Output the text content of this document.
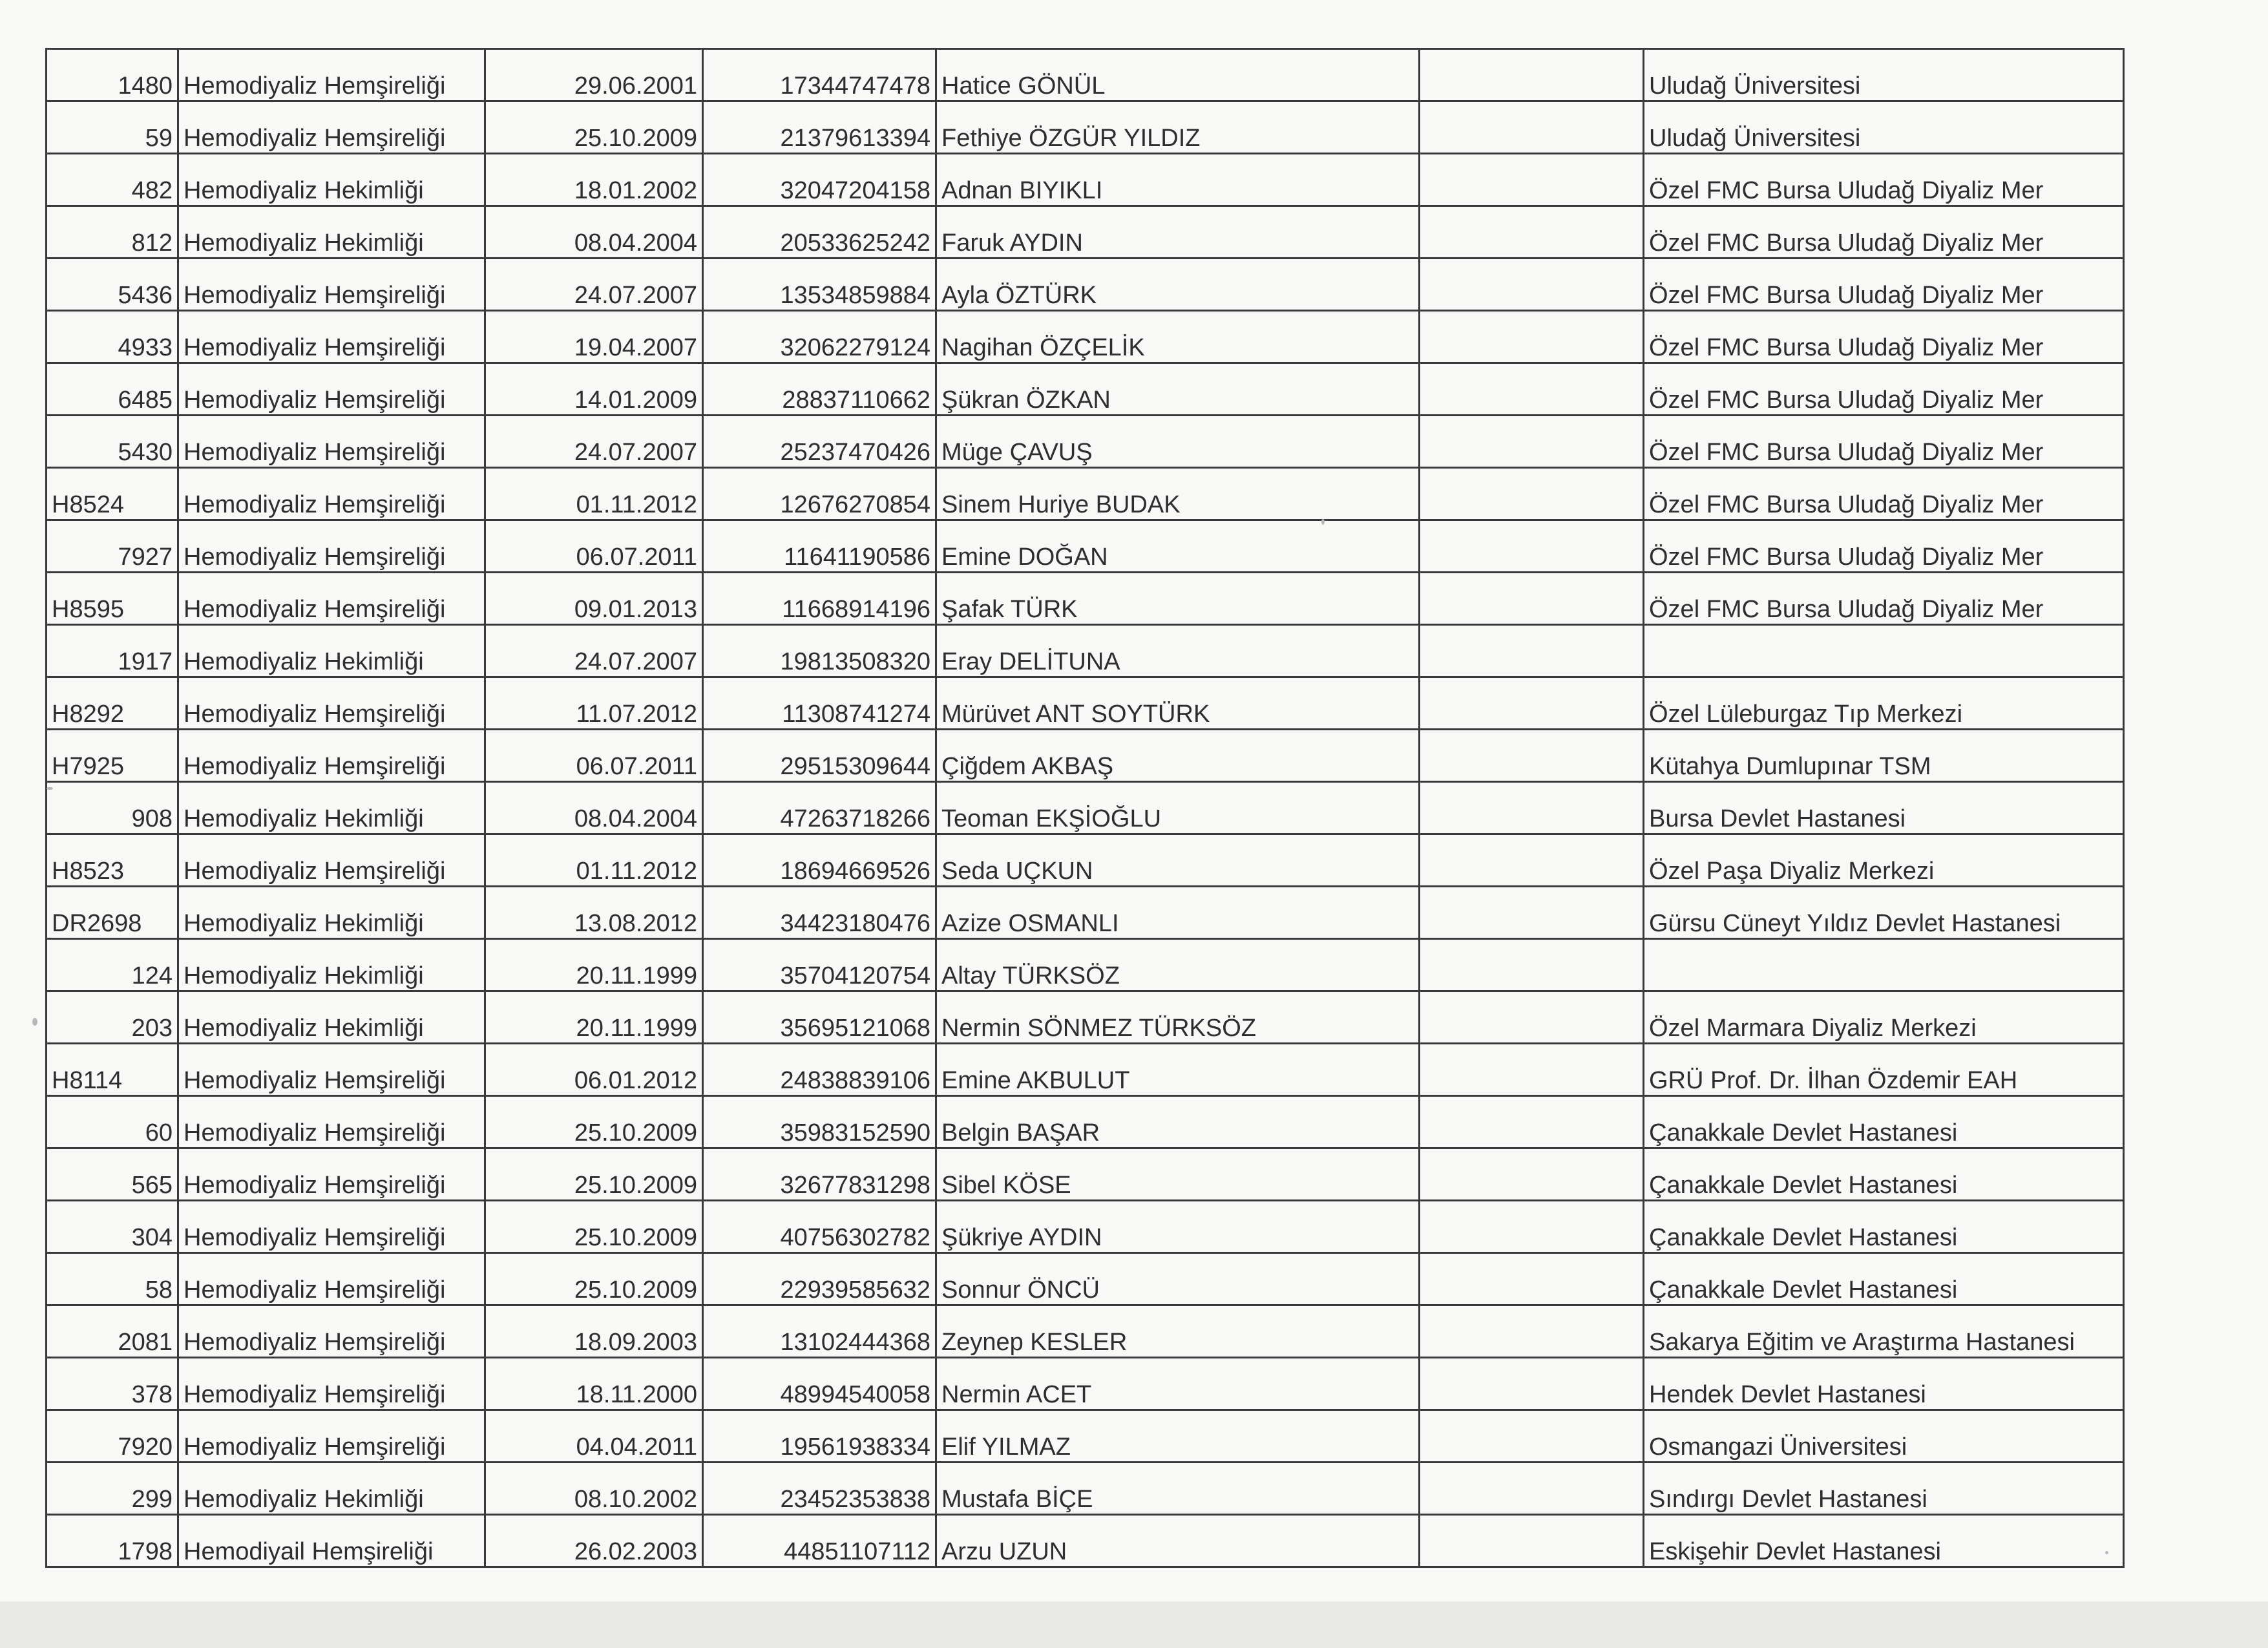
1480	Hemodiyaliz Hemşireliği	29.06.2001	17344747478	Hatice GÖNÜL		Uludağ Üniversitesi
59	Hemodiyaliz Hemşireliği	25.10.2009	21379613394	Fethiye ÖZGÜR YILDIZ		Uludağ Üniversitesi
482	Hemodiyaliz Hekimliği	18.01.2002	32047204158	Adnan BIYIKLI		Özel FMC Bursa Uludağ Diyaliz Mer
812	Hemodiyaliz Hekimliği	08.04.2004	20533625242	Faruk AYDIN		Özel FMC Bursa Uludağ Diyaliz Mer
5436	Hemodiyaliz Hemşireliği	24.07.2007	13534859884	Ayla ÖZTÜRK		Özel FMC Bursa Uludağ Diyaliz Mer
4933	Hemodiyaliz Hemşireliği	19.04.2007	32062279124	Nagihan ÖZÇELİK		Özel FMC Bursa Uludağ Diyaliz Mer
6485	Hemodiyaliz Hemşireliği	14.01.2009	28837110662	Şükran ÖZKAN		Özel FMC Bursa Uludağ Diyaliz Mer
5430	Hemodiyaliz Hemşireliği	24.07.2007	25237470426	Müge ÇAVUŞ		Özel FMC Bursa Uludağ Diyaliz Mer
H8524	Hemodiyaliz Hemşireliği	01.11.2012	12676270854	Sinem Huriye BUDAK		Özel FMC Bursa Uludağ Diyaliz Mer
7927	Hemodiyaliz Hemşireliği	06.07.2011	11641190586	Emine DOĞAN		Özel FMC Bursa Uludağ Diyaliz Mer
H8595	Hemodiyaliz Hemşireliği	09.01.2013	11668914196	Şafak TÜRK		Özel FMC Bursa Uludağ Diyaliz Mer
1917	Hemodiyaliz Hekimliği	24.07.2007	19813508320	Eray DELİTUNA		
H8292	Hemodiyaliz Hemşireliği	11.07.2012	11308741274	Mürüvet ANT SOYTÜRK		Özel Lüleburgaz Tıp Merkezi
H7925	Hemodiyaliz Hemşireliği	06.07.2011	29515309644	Çiğdem AKBAŞ		Kütahya Dumlupınar TSM
908	Hemodiyaliz Hekimliği	08.04.2004	47263718266	Teoman EKŞİOĞLU		Bursa Devlet Hastanesi
H8523	Hemodiyaliz Hemşireliği	01.11.2012	18694669526	Seda UÇKUN		Özel Paşa Diyaliz Merkezi
DR2698	Hemodiyaliz Hekimliği	13.08.2012	34423180476	Azize OSMANLI		Gürsu Cüneyt Yıldız Devlet Hastanesi
124	Hemodiyaliz Hekimliği	20.11.1999	35704120754	Altay TÜRKSÖZ		
203	Hemodiyaliz Hekimliği	20.11.1999	35695121068	Nermin SÖNMEZ TÜRKSÖZ		Özel Marmara Diyaliz Merkezi
H8114	Hemodiyaliz Hemşireliği	06.01.2012	24838839106	Emine AKBULUT		GRÜ Prof. Dr. İlhan Özdemir EAH
60	Hemodiyaliz Hemşireliği	25.10.2009	35983152590	Belgin BAŞAR		Çanakkale Devlet Hastanesi
565	Hemodiyaliz Hemşireliği	25.10.2009	32677831298	Sibel KÖSE		Çanakkale Devlet Hastanesi
304	Hemodiyaliz Hemşireliği	25.10.2009	40756302782	Şükriye AYDIN		Çanakkale Devlet Hastanesi
58	Hemodiyaliz Hemşireliği	25.10.2009	22939585632	Sonnur ÖNCÜ		Çanakkale Devlet Hastanesi
2081	Hemodiyaliz Hemşireliği	18.09.2003	13102444368	Zeynep KESLER		Sakarya Eğitim ve Araştırma Hastanesi
378	Hemodiyaliz Hemşireliği	18.11.2000	48994540058	Nermin ACET		Hendek Devlet Hastanesi
7920	Hemodiyaliz Hemşireliği	04.04.2011	19561938334	Elif YILMAZ		Osmangazi Üniversitesi
299	Hemodiyaliz Hekimliği	08.10.2002	23452353838	Mustafa BİÇE		Sındırgı Devlet Hastanesi
1798	Hemodiyail Hemşireliği	26.02.2003	44851107112	Arzu UZUN		Eskişehir Devlet Hastanesi
